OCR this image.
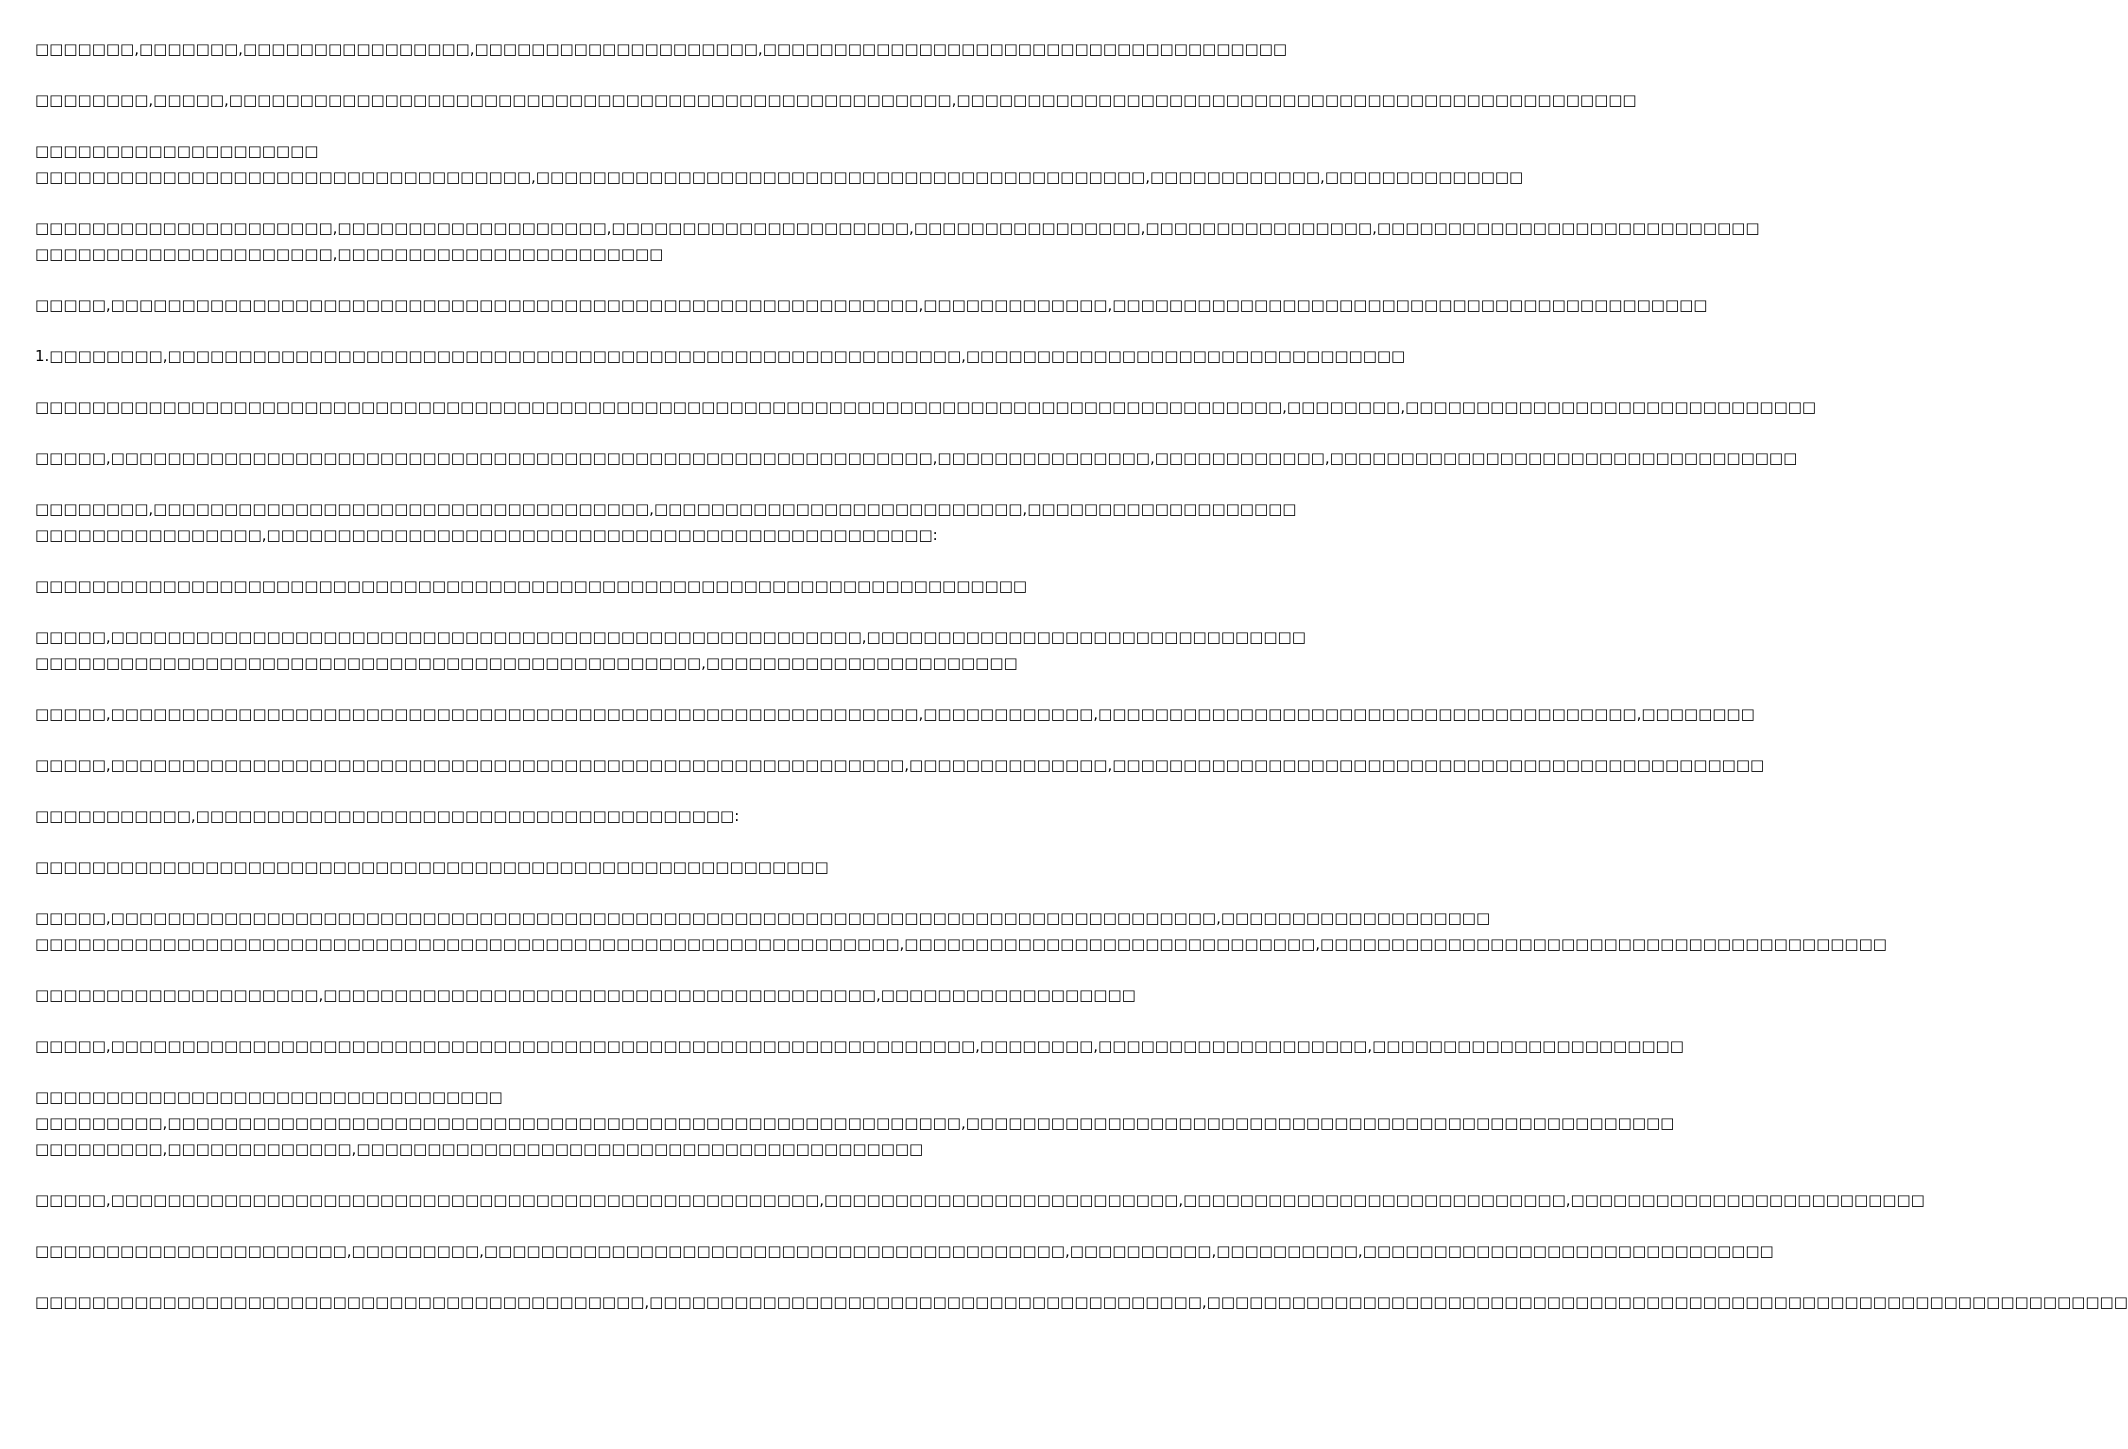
□□□□□□□,□□□□□□□,□□□□□□□□□□□□□□□□,□□□□□□□□□□□□□□□□□□□□,□□□□□□□□□□□□□□□□□□□□□□□□□□□□□□□□□□□□□
□□□□□□□□,□□□□□,□□□□□□□□□□□□□□□□□□□□□□□□□□□□□□□□□□□□□□□□□□□□□□□□□□□,□□□□□□□□□□□□□□□□□□□□□□□□□□□□□□□□□□□□□□□□□□□□□□□□
□□□□□□□□□□□□□□□□□□□□
□□□□□□□□□□□□□□□□□□□□□□□□□□□□□□□□□□□,□□□□□□□□□□□□□□□□□□□□□□□□□□□□□□□□□□□□□□□□□□□,□□□□□□□□□□□□,□□□□□□□□□□□□□□
□□□□□□□□□□□□□□□□□□□□□,□□□□□□□□□□□□□□□□□□□,□□□□□□□□□□□□□□□□□□□□□,□□□□□□□□□□□□□□□□,□□□□□□□□□□□□□□□□,□□□□□□□□□□□□□□□□□□□□□□□□□□□
□□□□□□□□□□□□□□□□□□□□□,□□□□□□□□□□□□□□□□□□□□□□□
□□□□□,□□□□□□□□□□□□□□□□□□□□□□□□□□□□□□□□□□□□□□□□□□□□□□□□□□□□□□□□□,□□□□□□□□□□□□□,□□□□□□□□□□□□□□□□□□□□□□□□□□□□□□□□□□□□□□□□□□
1.□□□□□□□□,□□□□□□□□□□□□□□□□□□□□□□□□□□□□□□□□□□□□□□□□□□□□□□□□□□□□□□□□,□□□□□□□□□□□□□□□□□□□□□□□□□□□□□□□
□□□□□□□□□□□□□□□□□□□□□□□□□□□□□□□□□□□□□□□□□□□□□□□□□□□□□□□□□□□□□□□□□□□□□□□□□□□□□□□□□□□□□□□□,□□□□□□□□,□□□□□□□□□□□□□□□□□□□□□□□□□□□□□
□□□□□,□□□□□□□□□□□□□□□□□□□□□□□□□□□□□□□□□□□□□□□□□□□□□□□□□□□□□□□□□□,□□□□□□□□□□□□□□□,□□□□□□□□□□□□,□□□□□□□□□□□□□□□□□□□□□□□□□□□□□□□□□
□□□□□□□□,□□□□□□□□□□□□□□□□□□□□□□□□□□□□□□□□□□□,□□□□□□□□□□□□□□□□□□□□□□□□□□,□□□□□□□□□□□□□□□□□□□
□□□□□□□□□□□□□□□□,□□□□□□□□□□□□□□□□□□□□□□□□□□□□□□□□□□□□□□□□□□□□□□□:
□□□□□□□□□□□□□□□□□□□□□□□□□□□□□□□□□□□□□□□□□□□□□□□□□□□□□□□□□□□□□□□□□□□□□□
□□□□□,□□□□□□□□□□□□□□□□□□□□□□□□□□□□□□□□□□□□□□□□□□□□□□□□□□□□□,□□□□□□□□□□□□□□□□□□□□□□□□□□□□□□□
□□□□□□□□□□□□□□□□□□□□□□□□□□□□□□□□□□□□□□□□□□□□□□□,□□□□□□□□□□□□□□□□□□□□□□
□□□□□,□□□□□□□□□□□□□□□□□□□□□□□□□□□□□□□□□□□□□□□□□□□□□□□□□□□□□□□□□,□□□□□□□□□□□□,□□□□□□□□□□□□□□□□□□□□□□□□□□□□□□□□□□□□□□,□□□□□□□□
□□□□□,□□□□□□□□□□□□□□□□□□□□□□□□□□□□□□□□□□□□□□□□□□□□□□□□□□□□□□□□,□□□□□□□□□□□□□□,□□□□□□□□□□□□□□□□□□□□□□□□□□□□□□□□□□□□□□□□□□□□□□
□□□□□□□□□□□,□□□□□□□□□□□□□□□□□□□□□□□□□□□□□□□□□□□□□□:
□□□□□□□□□□□□□□□□□□□□□□□□□□□□□□□□□□□□□□□□□□□□□□□□□□□□□□□□
□□□□□,□□□□□□□□□□□□□□□□□□□□□□□□□□□□□□□□□□□□□□□□□□□□□□□□□□□□□□□□□□□□□□□□□□□□□□□□□□□□□□,□□□□□□□□□□□□□□□□□□□
□□□□□□□□□□□□□□□□□□□□□□□□□□□□□□□□□□□□□□□□□□□□□□□□□□□□□□□□□□□□□,□□□□□□□□□□□□□□□□□□□□□□□□□□□□□,□□□□□□□□□□□□□□□□□□□□□□□□□□□□□□□□□□□□□□□□
□□□□□□□□□□□□□□□□□□□□,□□□□□□□□□□□□□□□□□□□□□□□□□□□□□□□□□□□□□□□,□□□□□□□□□□□□□□□□□□
□□□□□,□□□□□□□□□□□□□□□□□□□□□□□□□□□□□□□□□□□□□□□□□□□□□□□□□□□□□□□□□□□□□,□□□□□□□□,□□□□□□□□□□□□□□□□□□□,□□□□□□□□□□□□□□□□□□□□□□
□□□□□□□□□□□□□□□□□□□□□□□□□□□□□□□□□
□□□□□□□□□,□□□□□□□□□□□□□□□□□□□□□□□□□□□□□□□□□□□□□□□□□□□□□□□□□□□□□□□□,□□□□□□□□□□□□□□□□□□□□□□□□□□□□□□□□□□□□□□□□□□□□□□□□□□
□□□□□□□□□,□□□□□□□□□□□□□,□□□□□□□□□□□□□□□□□□□□□□□□□□□□□□□□□□□□□□□□
□□□□□,□□□□□□□□□□□□□□□□□□□□□□□□□□□□□□□□□□□□□□□□□□□□□□□□□□,□□□□□□□□□□□□□□□□□□□□□□□□□,□□□□□□□□□□□□□□□□□□□□□□□□□□□,□□□□□□□□□□□□□□□□□□□□□□□□□
□□□□□□□□□□□□□□□□□□□□□□,□□□□□□□□□,□□□□□□□□□□□□□□□□□□□□□□□□□□□□□□□□□□□□□□□□□,□□□□□□□□□□,□□□□□□□□□□,□□□□□□□□□□□□□□□□□□□□□□□□□□□□□
□□□□□□□□□□□□□□□□□□□□□□□□□□□□□□□□□□□□□□□□□□□,□□□□□□□□□□□□□□□□□□□□□□□□□□□□□□□□□□□□□□□,□□□□□□□□□□□□□□□□□□□□□□□□□□□□□□□□□□□□□□□□□□□□□□□□□□□□□□□□□□□□□□□□□
